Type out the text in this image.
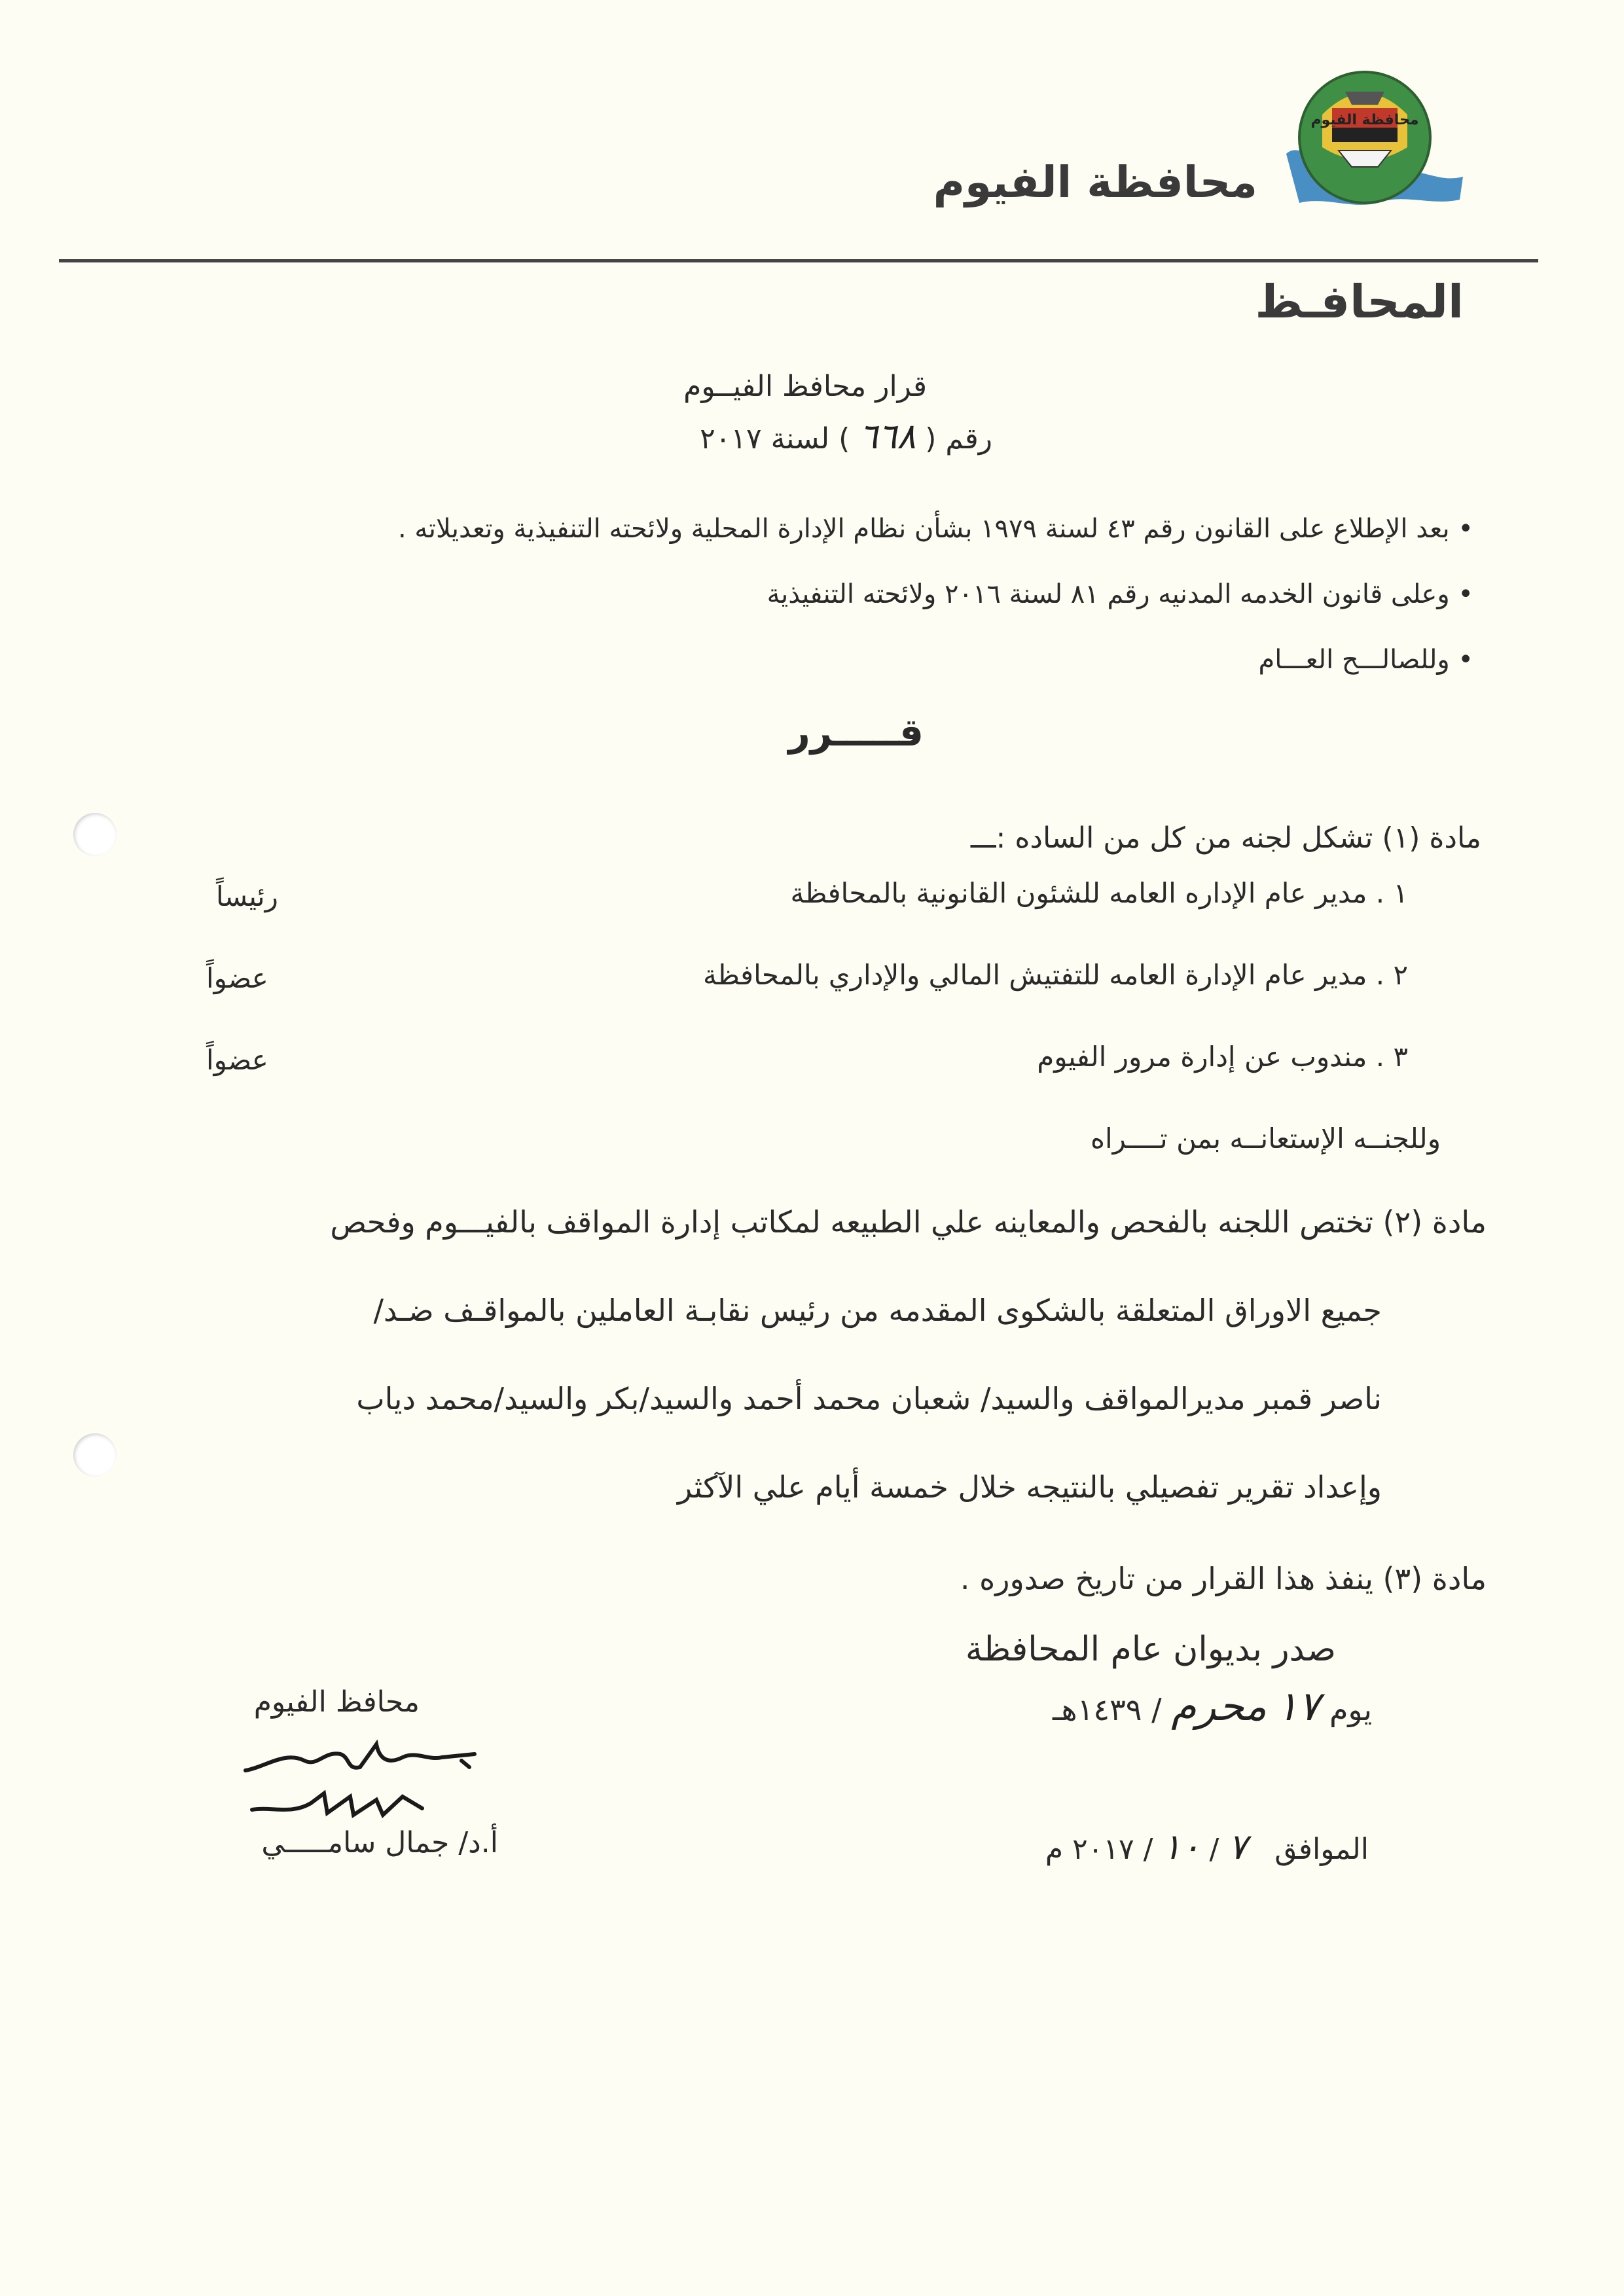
محافظة الفيوم
محافظة الفيوم
المحافـظ
قرار محافظ الفيــوم
رقم ( ٦٦٨ ) لسنة ٢٠١٧
• بعد الإطلاع على القانون رقم ٤٣ لسنة ١٩٧٩ بشأن نظام الإدارة المحلية ولائحته التنفيذية وتعديلاته .
• وعلى قانون الخدمه المدنيه رقم ٨١ لسنة ٢٠١٦ ولائحته التنفيذية
• وللصالـــح العـــام
قـــــرر
مادة (١) تشكل لجنه من كل من الساده :ـــ
١ . مدير عام الإداره العامه للشئون القانونية بالمحافظة
رئيساً
٢ . مدير عام الإدارة العامه للتفتيش المالي والإداري بالمحافظة
عضواً
٣ . مندوب عن إدارة مرور الفيوم
عضواً
وللجنــه الإستعانــه بمن تــــراه
مادة (٢) تختص اللجنه بالفحص والمعاينه علي الطبيعه لمكاتب إدارة المواقف بالفيـــوم وفحص
جميع الاوراق المتعلقة بالشكوى المقدمه من رئيس نقابـة العاملين بالمواقـف ضـد/
ناصر قمبر مديرالمواقف والسيد/ شعبان محمد أحمد والسيد/بكر والسيد/محمد دياب
وإعداد تقرير تفصيلي بالنتيجه خلال خمسة أيام علي الآكثر
مادة (٣) ينفذ هذا القرار من تاريخ صدوره .
صدر بديوان عام المحافظة
يوم ١٧ محرم / ١٤٣٩هـ
الموافق   ٧ / ١٠ / ٢٠١٧ م
محافظ الفيوم
أ.د/ جمال سامـــــي
